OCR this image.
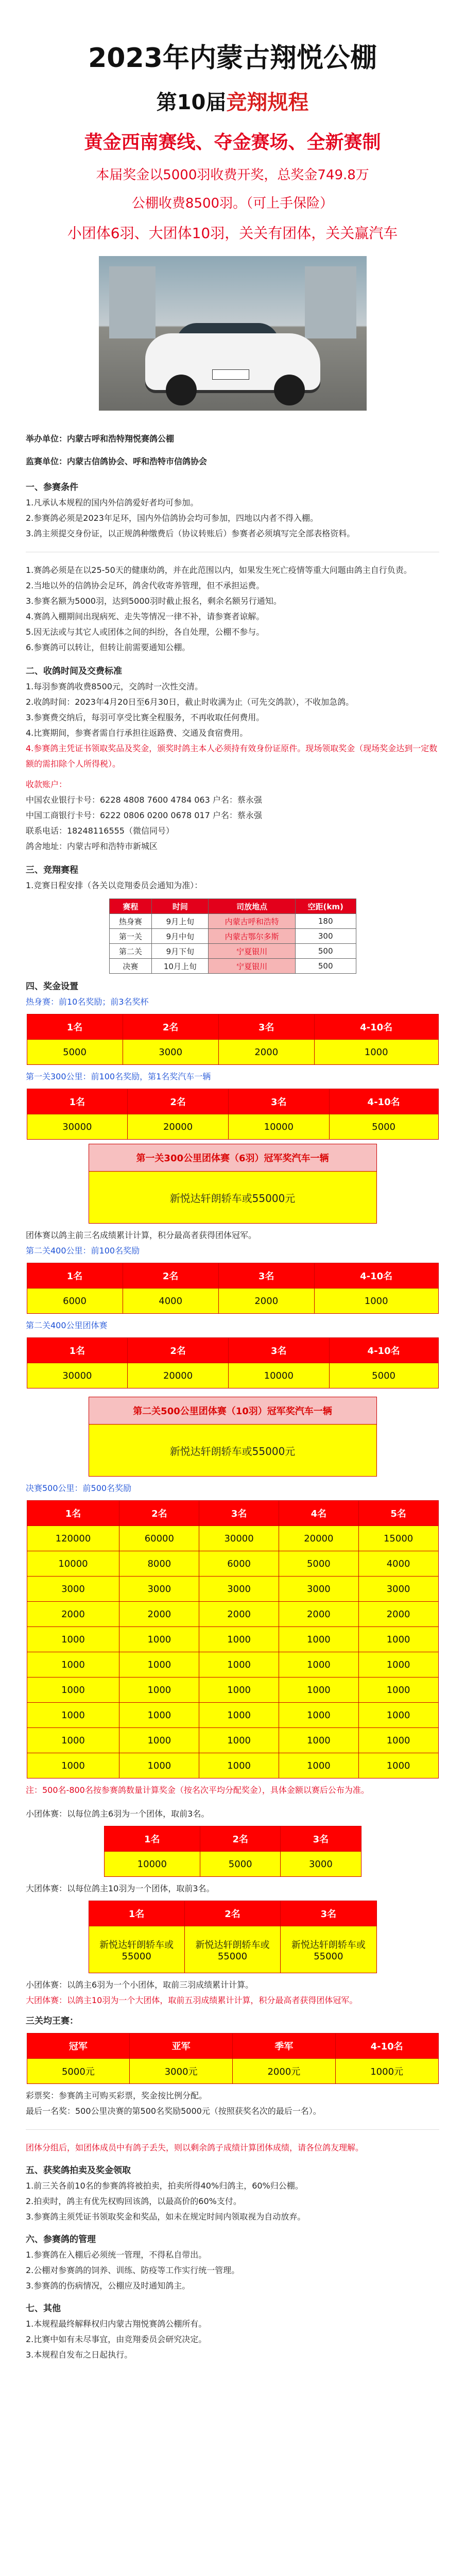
2023年内蒙古翔悦公棚
第10届竞翔规程
黄金西南赛线、夺金赛场、全新赛制
本届奖金以5000羽收费开奖，总奖金749.8万
公棚收费8500羽。（可上手保险）
小团体6羽、大团体10羽，关关有团体，关关赢汽车

举办单位：内蒙古呼和浩特翔悦赛鸽公棚

监赛单位：内蒙古信鸽协会、呼和浩特市信鸽协会

一、参赛条件

1.凡承认本规程的国内外信鸽爱好者均可参加。

2.参赛鸽必须是2023年足环，国内外信鸽协会均可参加，四地以内者不得入棚。

3.鸽主须提交身份证，以正规鸽种缴费后（协议转账后）参赛者必须填写完全部表格资料。

1.赛鸽必须是在以25-50天的健康幼鸽，并在此范围以内，如果发生死亡疫情等重大问题由鸽主自行负责。

2.当地以外的信鸽协会足环，鸽舍代收寄养管理，但不承担运费。

3.参赛名额为5000羽，达到5000羽时截止报名，剩余名额另行通知。

4.赛鸽入棚期间出现病死、走失等情况一律不补，请参赛者谅解。

5.因无法或与其它人或团体之间的纠纷，各自处理，公棚不参与。

6.参赛鸽可以转让，但转让前需要通知公棚。

二、收鸽时间及交费标准

1.每羽参赛鸽收费8500元，交鸽时一次性交清。

2.收鸽时间：2023年4月20日至6月30日，截止时收满为止（可先交鸽款），不收加急鸽。

3.参赛费交纳后，每羽可享受比赛全程服务，不再收取任何费用。

4.比赛期间，参赛者需自行承担往返路费、交通及食宿费用。

4.参赛鸽主凭证书领取奖品及奖金，颁奖时鸽主本人必须持有效身份证原件。现场领取奖金（现场奖金达到一定数额的需扣除个人所得税）。

收款账户：

中国农业银行卡号：6228 4808 7600 4784 063 户名：蔡永强

中国工商银行卡号：6222 0806 0200 0678 017 户名：蔡永强

联系电话：18248116555（微信同号）

鸽舍地址：内蒙古呼和浩特市新城区

三、竞翔赛程

1.竞赛日程安排（各关以竞翔委员会通知为准）：

赛程	时间	司放地点	空距(km)
热身赛	9月上旬	内蒙古呼和浩特	180
第一关	9月中旬	内蒙古鄂尔多斯	300
第二关	9月下旬	宁夏银川	500
决赛	10月上旬	宁夏银川	500

四、奖金设置

热身赛：前10名奖励；前3名奖杯

1名	2名	3名	4-10名
5000	3000	2000	1000

第一关300公里：前100名奖励，第1名奖汽车一辆

1名	2名	3名	4-10名
30000	20000	10000	5000
第一关300公里团体赛（6羽）冠军奖汽车一辆
新悦达轩朗轿车或55000元

团体赛以鸽主前三名成绩累计计算，积分最高者获得团体冠军。

第二关400公里：前100名奖励

1名	2名	3名	4-10名
6000	4000	2000	1000

第二关400公里团体赛

1名	2名	3名	4-10名
30000	20000	10000	5000
第二关500公里团体赛（10羽）冠军奖汽车一辆
新悦达轩朗轿车或55000元

决赛500公里：前500名奖励

1名	2名	3名	4名	5名
120000	60000	30000	20000	15000
10000	8000	6000	5000	4000
3000	3000	3000	3000	3000
2000	2000	2000	2000	2000
1000	1000	1000	1000	1000
1000	1000	1000	1000	1000
1000	1000	1000	1000	1000
1000	1000	1000	1000	1000
1000	1000	1000	1000	1000
1000	1000	1000	1000	1000

注：500名-800名按参赛鸽数量计算奖金（按名次平均分配奖金），具体金额以赛后公布为准。

小团体赛：以每位鸽主6羽为一个团体，取前3名。

1名	2名	3名
10000	5000	3000

大团体赛：以每位鸽主10羽为一个团体，取前3名。

1名	2名	3名
新悦达轩朗轿车或55000	新悦达轩朗轿车或55000	新悦达轩朗轿车或55000

小团体赛：以鸽主6羽为一个小团体，取前三羽成绩累计计算。

大团体赛：以鸽主10羽为一个大团体，取前五羽成绩累计计算，积分最高者获得团体冠军。

三关均王赛：

冠军	亚军	季军	4-10名
5000元	3000元	2000元	1000元

彩票奖：参赛鸽主可购买彩票，奖金按比例分配。

最后一名奖：500公里决赛的第500名奖励5000元（按照获奖名次的最后一名）。

团体分组后，如团体成员中有鸽子丢失，则以剩余鸽子成绩计算团体成绩，请各位鸽友理解。

五、获奖鸽拍卖及奖金领取

1.前三关各前10名的参赛鸽将被拍卖，拍卖所得40%归鸽主，60%归公棚。

2.拍卖时，鸽主有优先权购回该鸽，以最高价的60%支付。

3.参赛鸽主须凭证书领取奖金和奖品，如未在规定时间内领取视为自动放弃。

六、参赛鸽的管理

1.参赛鸽在入棚后必须统一管理，不得私自带出。

2.公棚对参赛鸽的饲养、训练、防疫等工作实行统一管理。

3.参赛鸽的伤病情况，公棚应及时通知鸽主。

七、其他

1.本规程最终解释权归内蒙古翔悦赛鸽公棚所有。

2.比赛中如有未尽事宜，由竞翔委员会研究决定。

3.本规程自发布之日起执行。
